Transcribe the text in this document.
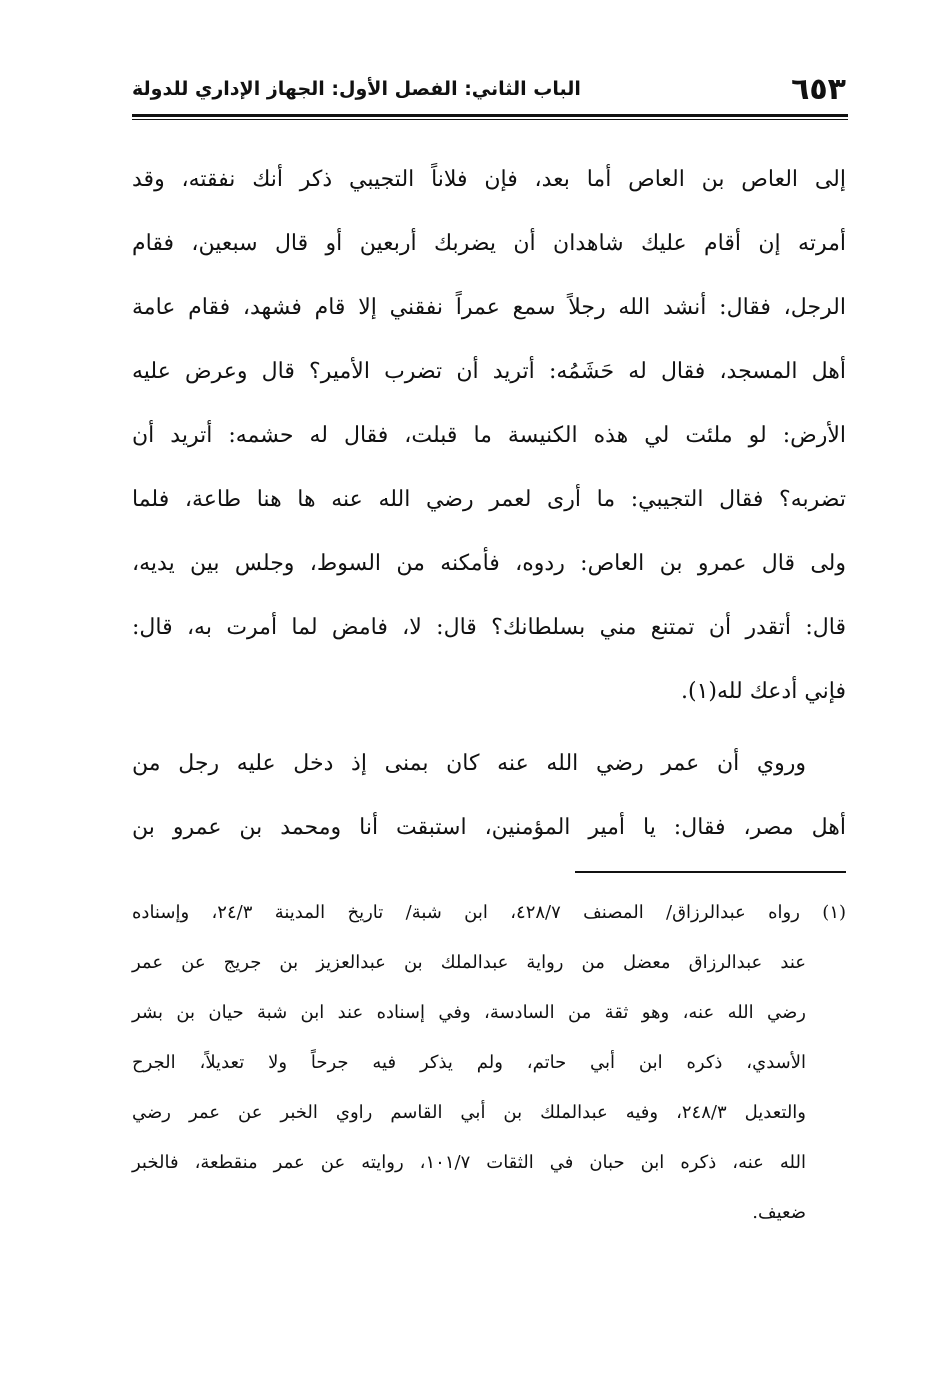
٦٥٣
الباب الثاني: الفصل الأول: الجهاز الإداري للدولة
إلى العاص بن العاص أما بعد، فإن فلاناً التجيبي ذكر أنك نفقته، وقد
أمرته إن أقام عليك شاهدان أن يضربك أربعين أو قال سبعين، فقام
الرجل، فقال: أنشد الله رجلاً سمع عمراً نفقني إلا قام فشهد، فقام عامة
أهل المسجد، فقال له حَشَمُه: أتريد أن تضرب الأمير؟ قال وعرض عليه
الأرض: لو ملئت لي هذه الكنيسة ما قبلت، فقال له حشمه: أتريد أن
تضربه؟ فقال التجيبي: ما أرى لعمر رضي الله عنه ها هنا طاعة، فلما
ولى قال عمرو بن العاص: ردوه، فأمكنه من السوط، وجلس بين يديه،
قال: أتقدر أن تمتنع مني بسلطانك؟ قال: لا، فامض لما أمرت به، قال:
فإني أدعك لله(١).
وروي أن عمر رضي الله عنه كان بمنى إذ دخل عليه رجل من
أهل مصر، فقال: يا أمير المؤمنين، استبقت أنا ومحمد بن عمرو بن
(١) رواه عبدالرزاق/ المصنف ٤٢٨/٧، ابن شبة/ تاريخ المدينة ٢٤/٣، وإسناده
عند عبدالرزاق معضل من رواية عبدالملك بن عبدالعزيز بن جريج عن عمر
رضي الله عنه، وهو ثقة من السادسة، وفي إسناده عند ابن شبة حيان بن بشر
الأسدي، ذكره ابن أبي حاتم، ولم يذكر فيه جرحاً ولا تعديلاً، الجرح
والتعديل ٢٤٨/٣، وفيه عبدالملك بن أبي القاسم راوي الخبر عن عمر رضي
الله عنه، ذكره ابن حبان في الثقات ١٠١/٧، روايته عن عمر منقطعة، فالخبر
ضعيف.
